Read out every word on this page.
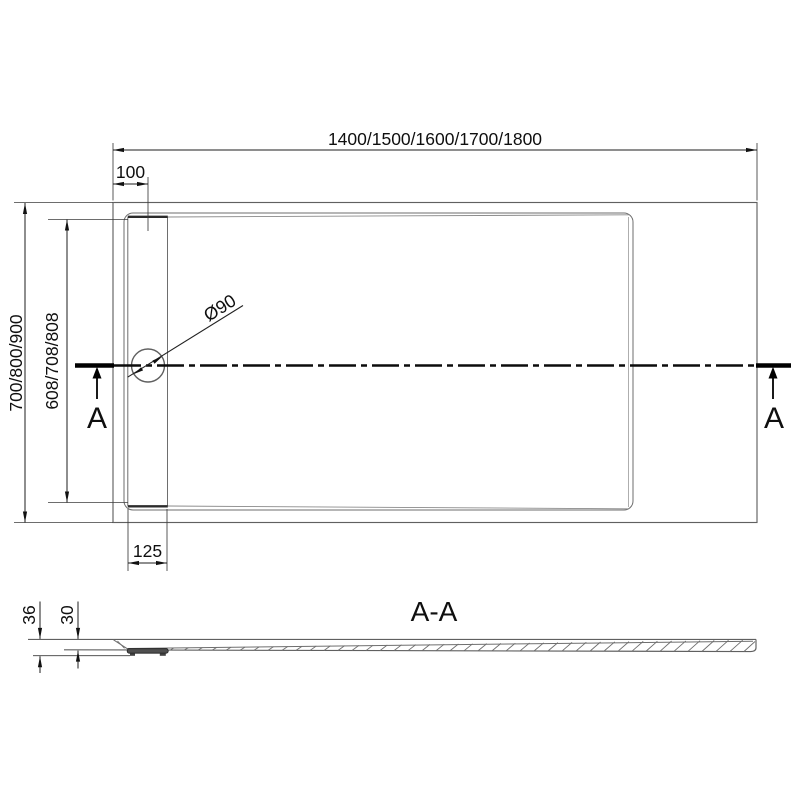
A	A
1400/1500/1600/1700/1800
100
700/800/900 608/708/808
125
Ø90
A-A
36 30
